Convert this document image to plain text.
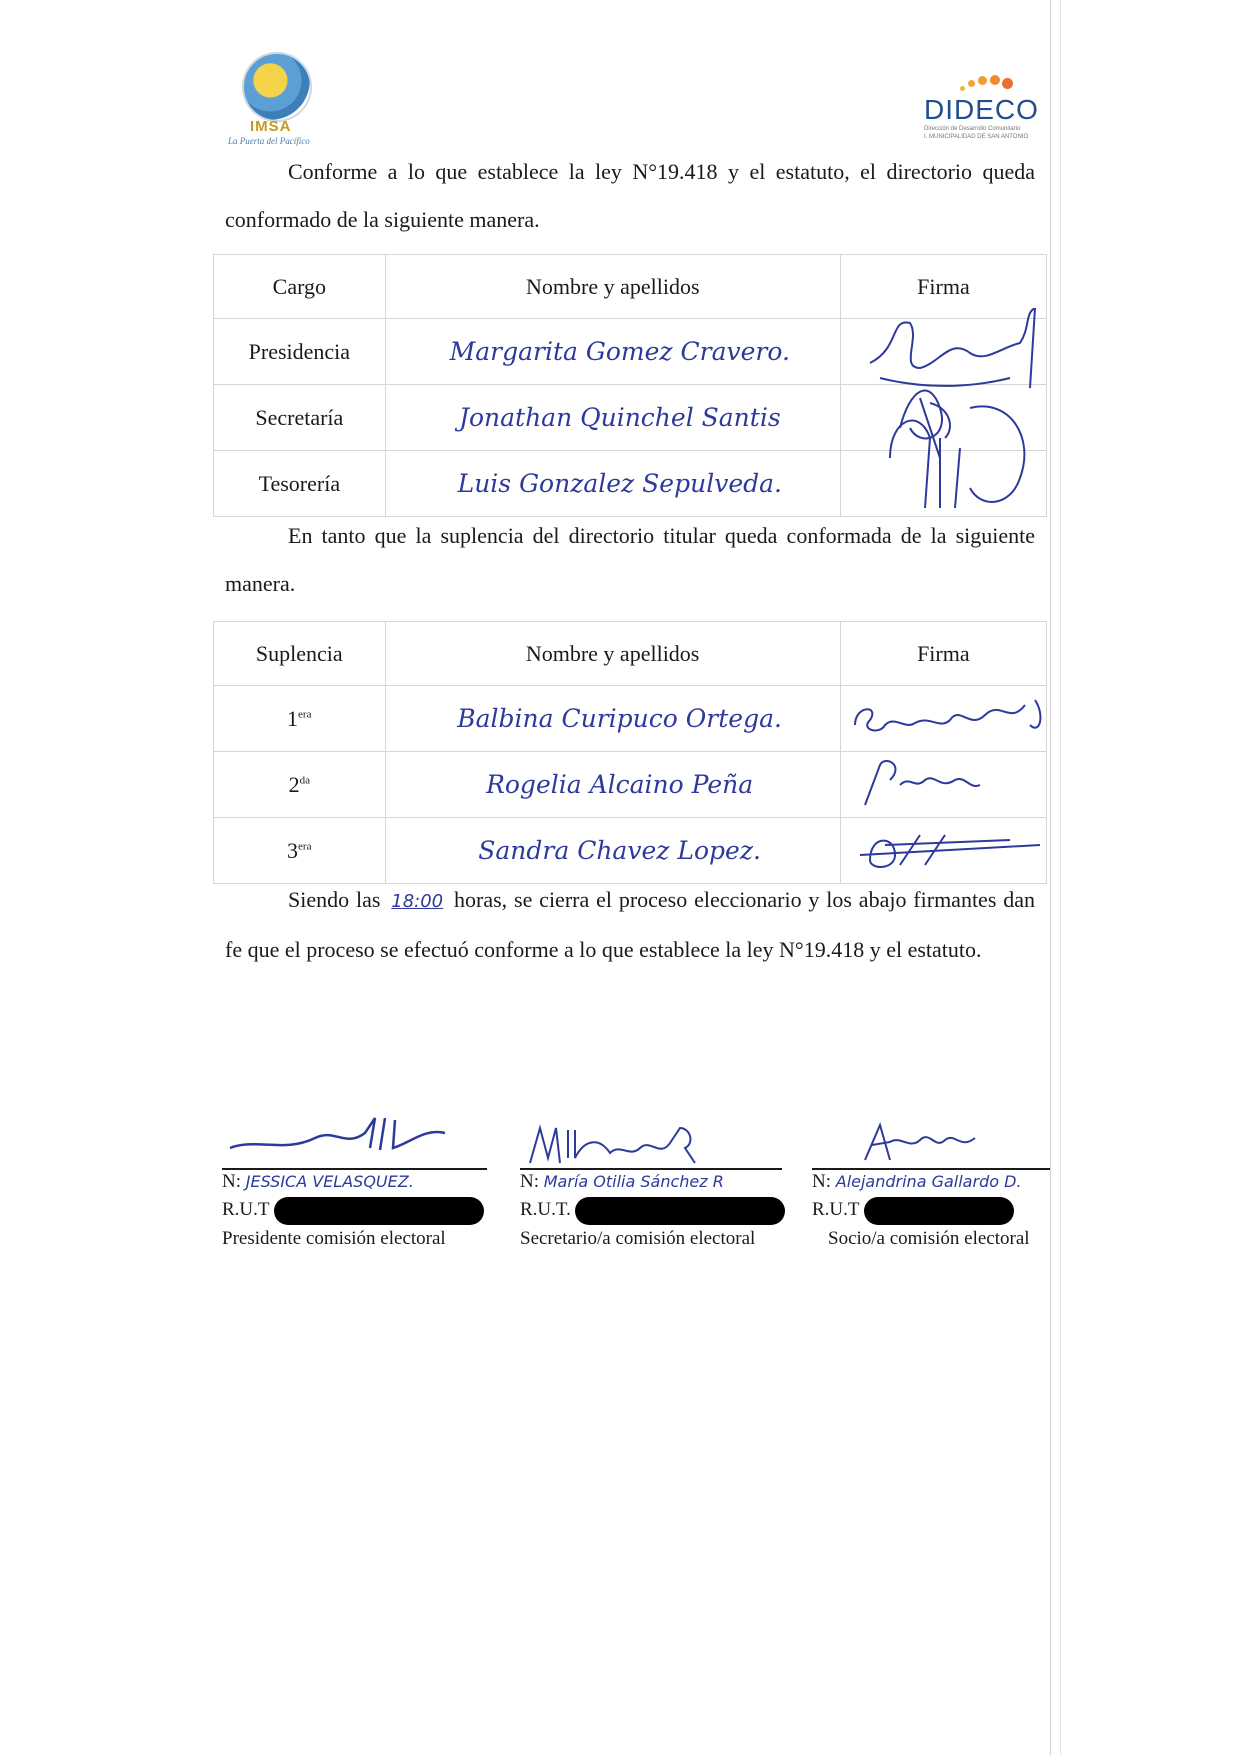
IMSA
La Puerta del Pacífico
DIDECO
Dirección de Desarrollo Comunitario
I. MUNICIPALIDAD DE SAN ANTONIO
Conforme a lo que establece la ley N°19.418 y el estatuto, el directorio queda conformado de la siguiente manera.
Cargo	Nombre y apellidos	Firma
Presidencia	Margarita Gomez Cravero.	
Secretaría	Jonathan Quinchel Santis	
Tesorería	Luis Gonzalez Sepulveda.	
En tanto que la suplencia del directorio titular queda conformada de la siguiente manera.
Suplencia	Nombre y apellidos	Firma
$1^{era}$	Balbina Curipuco Ortega.	
$2^{da}$	Rogelia Alcaino Peña	
$3^{era}$	Sandra Chavez Lopez.	
Siendo las 18:00 horas, se cierra el proceso eleccionario y los abajo firmantes dan fe que el proceso se efectuó conforme a lo que establece la ley N°19.418 y el estatuto.
N: JESSICA VELASQUEZ.
R.U.T
Presidente comisión electoral
N: María Otilia Sánchez R
R.U.T.
Secretario/a comisión electoral
N: Alejandrina Gallardo D.
R.U.T
Socio/a comisión electoral
